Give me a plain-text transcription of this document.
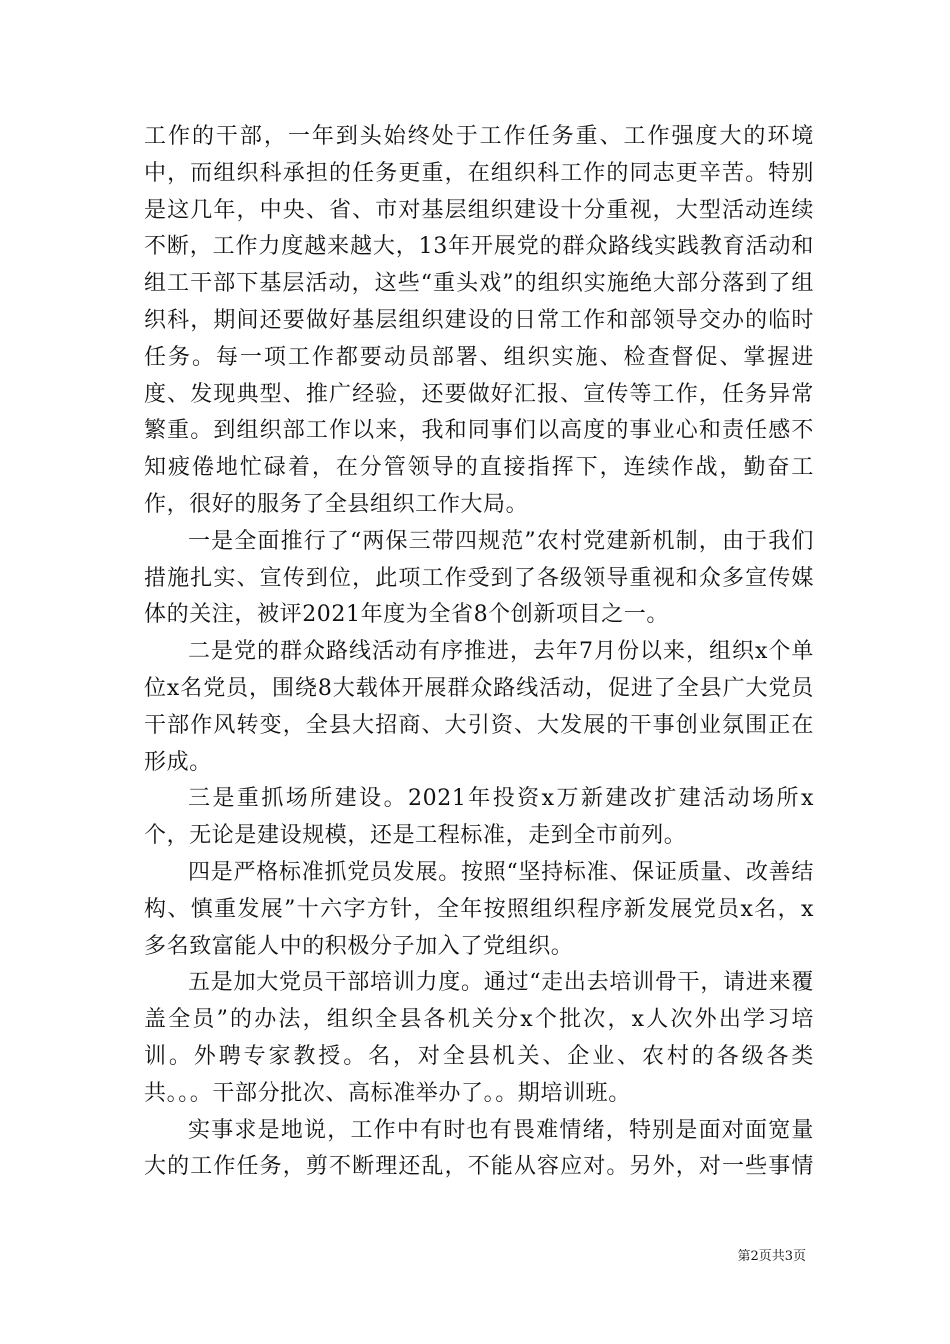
工作的干部，一年到头始终处于工作任务重、工作强度大的环境中，而组织科承担的任务更重，在组织科工作的同志更辛苦。特别是这几年，中央、省、市对基层组织建设十分重视，大型活动连续不断，工作力度越来越大，13年开展党的群众路线实践教育活动和组工干部下基层活动，这些“重头戏”的组织实施绝大部分落到了组织科，期间还要做好基层组织建设的日常工作和部领导交办的临时任务。每一项工作都要动员部署、组织实施、检查督促、掌握进度、发现典型、推广经验，还要做好汇报、宣传等工作，任务异常繁重。到组织部工作以来，我和同事们以高度的事业心和责任感不知疲倦地忙碌着，在分管领导的直接指挥下，连续作战，勤奋工作，很好的服务了全县组织工作大局。

一是全面推行了“两保三带四规范”农村党建新机制，由于我们措施扎实、宣传到位，此项工作受到了各级领导重视和众多宣传媒体的关注，被评2021年度为全省8个创新项目之一。

二是党的群众路线活动有序推进，去年7月份以来，组织x个单位x名党员，围绕8大载体开展群众路线活动，促进了全县广大党员干部作风转变，全县大招商、大引资、大发展的干事创业氛围正在形成。

三是重抓场所建设。2021年投资x万新建改扩建活动场所x个，无论是建设规模，还是工程标准，走到全市前列。

四是严格标准抓党员发展。按照“坚持标准、保证质量、改善结构、慎重发展”十六字方针，全年按照组织程序新发展党员x名，x多名致富能人中的积极分子加入了党组织。

五是加大党员干部培训力度。通过“走出去培训骨干，请进来覆盖全员”的办法，组织全县各机关分x个批次，x人次外出学习培训。外聘专家教授。名，对全县机关、企业、农村的各级各类共。。。干部分批次、高标准举办了。。期培训班。

实事求是地说，工作中有时也有畏难情绪，特别是面对面宽量大的工作任务，剪不断理还乱，不能从容应对。另外，对一些事情

第2页共3页
